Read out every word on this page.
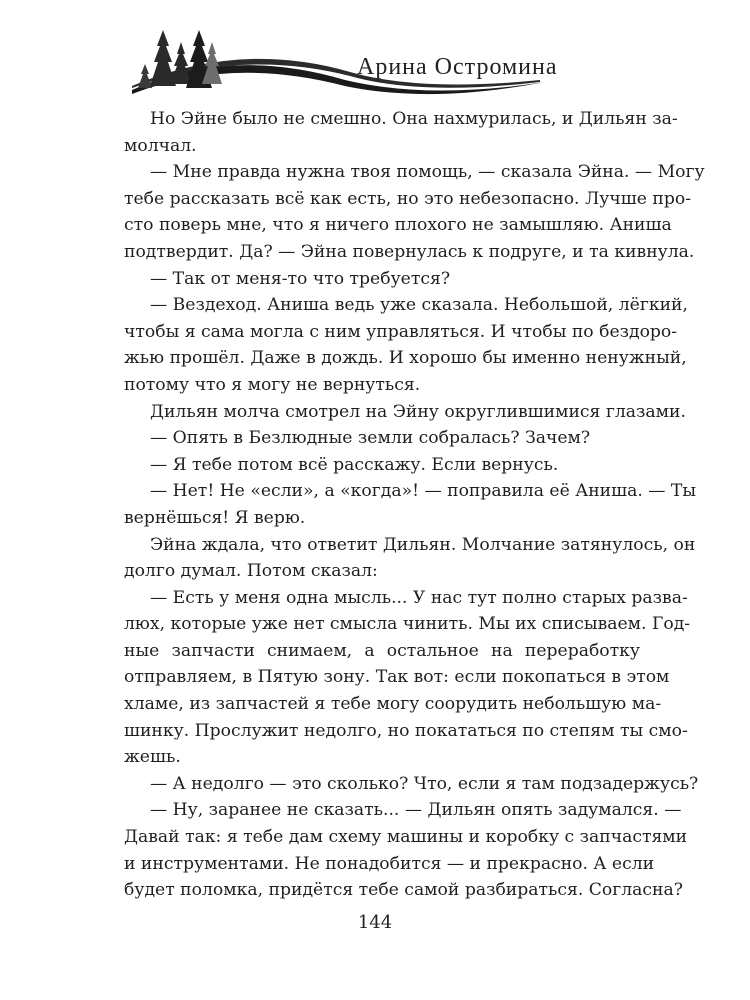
Арина Остромина
Но Эйне было не смешно. Она нахмурилась, и Дильян за-
молчал.
— Мне правда нужна твоя помощь, — сказала Эйна. — Могу
тебе рассказать всё как есть, но это небезопасно. Лучше про-
сто поверь мне, что я ничего плохого не замышляю. Аниша
подтвердит. Да? — Эйна повернулась к подруге, и та кивнула.
— Так от меня-то что требуется?
— Вездеход. Аниша ведь уже сказала. Небольшой, лёгкий,
чтобы я сама могла с ним управляться. И чтобы по бездоро-
жью прошёл. Даже в дождь. И хорошо бы именно ненужный,
потому что я могу не вернуться.
Дильян молча смотрел на Эйну округлившимися глазами.
— Опять в Безлюдные земли собралась? Зачем?
— Я тебе потом всё расскажу. Если вернусь.
— Нет! Не «если», а «когда»! — поправила её Аниша. — Ты
вернёшься! Я верю.
Эйна ждала, что ответит Дильян. Молчание затянулось, он
долго думал. Потом сказал:
— Есть у меня одна мысль... У нас тут полно старых разва-
люх, которые уже нет смысла чинить. Мы их списываем. Год-
ные запчасти снимаем, а остальное на переработку
отправляем, в Пятую зону. Так вот: если покопаться в этом
хламе, из запчастей я тебе могу соорудить небольшую ма-
шинку. Прослужит недолго, но покататься по степям ты смо-
жешь.
— А недолго — это сколько? Что, если я там подзадержусь?
— Ну, заранее не сказать... — Дильян опять задумался. —
Давай так: я тебе дам схему машины и коробку с запчастями
и инструментами. Не понадобится — и прекрасно. А если
будет поломка, придётся тебе самой разбираться. Согласна?
144
